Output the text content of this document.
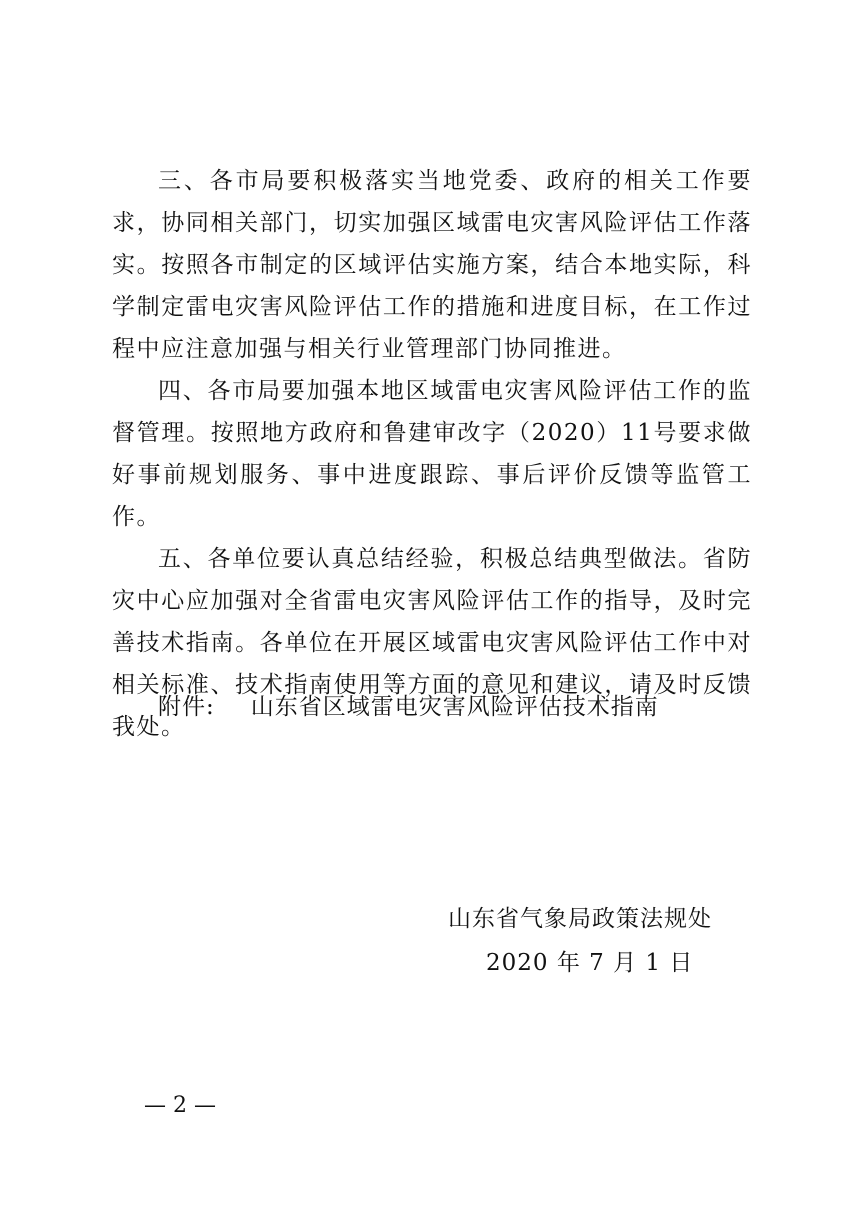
三、各市局要积极落实当地党委、政府的相关工作要求，协同相关部门，切实加强区域雷电灾害风险评估工作落实。按照各市制定的区域评估实施方案，结合本地实际，科学制定雷电灾害风险评估工作的措施和进度目标，在工作过程中应注意加强与相关行业管理部门协同推进。

四、各市局要加强本地区域雷电灾害风险评估工作的监督管理。按照地方政府和鲁建审改字（2020）11号要求做好事前规划服务、事中进度跟踪、事后评价反馈等监管工作。

五、各单位要认真总结经验，积极总结典型做法。省防灾中心应加强对全省雷电灾害风险评估工作的指导，及时完善技术指南。各单位在开展区域雷电灾害风险评估工作中对相关标准、技术指南使用等方面的意见和建议，请及时反馈我处。

附件: 山东省区域雷电灾害风险评估技术指南
山东省气象局政策法规处
2020 年 7 月 1 日
— 2 —
